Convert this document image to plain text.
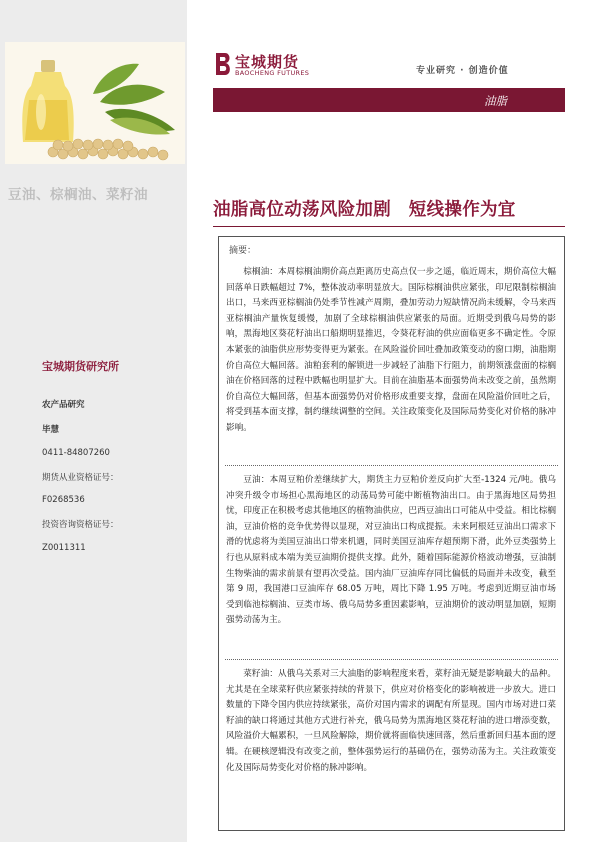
豆油、棕榈油、菜籽油
宝城期货研究所
农产品研究
毕慧
0411-84807260
期货从业资格证号：
F0268536
投资咨询资格证号：
Z0011311
宝城期货
BAOCHENG FUTURES	专业研究 · 创造价值
油脂
油脂高位动荡风险加剧　短线操作为宜
摘要：
棕榈油：本周棕榈油期价高点距离历史高点仅一步之遥，临近周末，期价高位大幅回落单日跌幅超过 7%，整体波动率明显放大。国际棕榈油供应紧张，印尼限制棕榈油出口，马来西亚棕榈油仍处季节性减产周期，叠加劳动力短缺情况尚未缓解，令马来西亚棕榈油产量恢复缓慢，加剧了全球棕榈油供应紧张的局面。近期受到俄乌局势的影响，黑海地区葵花籽油出口船期明显推迟，令葵花籽油的供应面临更多不确定性。令原本紧张的油脂供应形势变得更为紧张。在风险溢价回吐叠加政策变动的窗口期，油脂期价自高位大幅回落。油粕套利的解锁进一步减轻了油脂下行阻力，前期领涨盘面的棕榈油在价格回落的过程中跌幅也明显扩大。目前在油脂基本面强势尚未改变之前，虽然期价自高位大幅回落，但基本面强势仍对价格形成重要支撑，盘面在风险溢价回吐之后，将受到基本面支撑，制约继续调整的空间。关注政策变化及国际局势变化对价格的脉冲影响。
豆油：本周豆粕价差继续扩大，期货主力豆粕价差反向扩大至-1324 元/吨。俄乌冲突升级令市场担心黑海地区的动荡局势可能中断植物油出口。由于黑海地区局势担忧，印度正在积极考虑其他地区的植物油供应，巴西豆油出口可能从中受益。相比棕榈油，豆油价格的竞争优势得以显现，对豆油出口构成提振。未来阿根廷豆油出口需求下滑的忧虑将为美国豆油出口带来机遇，同时美国豆油库存超预期下滑，此外豆类强势上行也从原料成本端为美豆油期价提供支撑。此外，随着国际能源价格波动增强，豆油制生物柴油的需求前景有望再次受益。国内油厂豆油库存同比偏低的局面并未改变，截至第 9 周，我国港口豆油库存 68.05 万吨，周比下降 1.95 万吨。考虑到近期豆油市场受到临池棕榈油、豆类市场、俄乌局势多重因素影响，豆油期价的波动明显加剧，短期强势动荡为主。
菜籽油：从俄乌关系对三大油脂的影响程度来看，菜籽油无疑是影响最大的品种。尤其是在全球菜籽供应紧张持续的背景下，供应对价格变化的影响被进一步放大。进口数量的下降令国内供应持续紧张，高价对国内需求的调配有所显现。国内市场对进口菜籽油的缺口将通过其他方式进行补充，俄乌局势为黑海地区葵花籽油的进口增添变数，风险溢价大幅累积，一旦风险解除，期价就将面临快速回落，然后重新回归基本面的逻辑。在硬核逻辑没有改变之前，整体强势运行的基础仍在，强势动荡为主。关注政策变化及国际局势变化对价格的脉冲影响。
